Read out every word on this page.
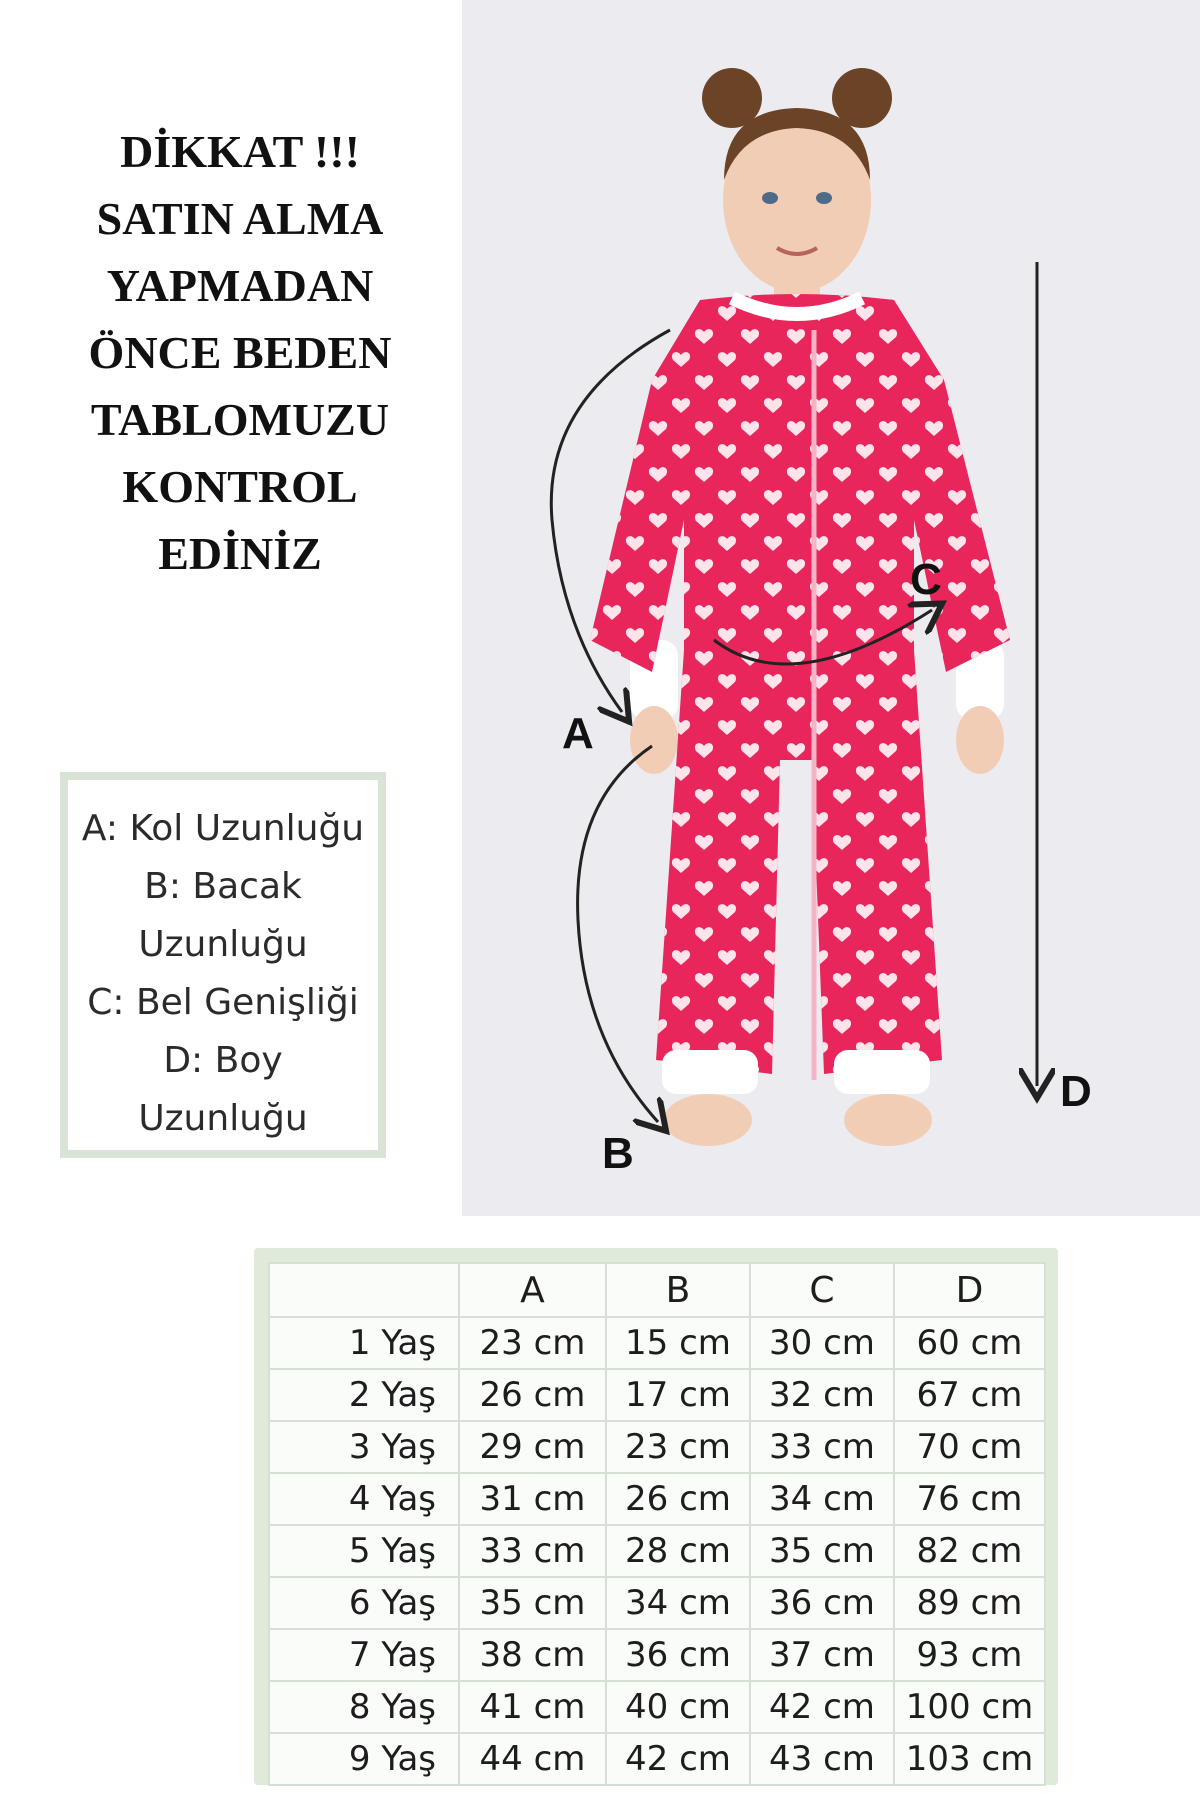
DİKKAT !!!
SATIN ALMA
YAPMADAN
ÖNCE BEDEN
TABLOMUZU
KONTROL
EDİNİZ
A
B
C
D
A: Kol Uzunluğu
B: Bacak
Uzunluğu
C: Bel Genişliği
D: Boy
Uzunluğu
	A	B	C	D
1 Yaş	23 cm	15 cm	30 cm	60 cm
2 Yaş	26 cm	17 cm	32 cm	67 cm
3 Yaş	29 cm	23 cm	33 cm	70 cm
4 Yaş	31 cm	26 cm	34 cm	76 cm
5 Yaş	33 cm	28 cm	35 cm	82 cm
6 Yaş	35 cm	34 cm	36 cm	89 cm
7 Yaş	38 cm	36 cm	37 cm	93 cm
8 Yaş	41 cm	40 cm	42 cm	100 cm
9 Yaş	44 cm	42 cm	43 cm	103 cm
